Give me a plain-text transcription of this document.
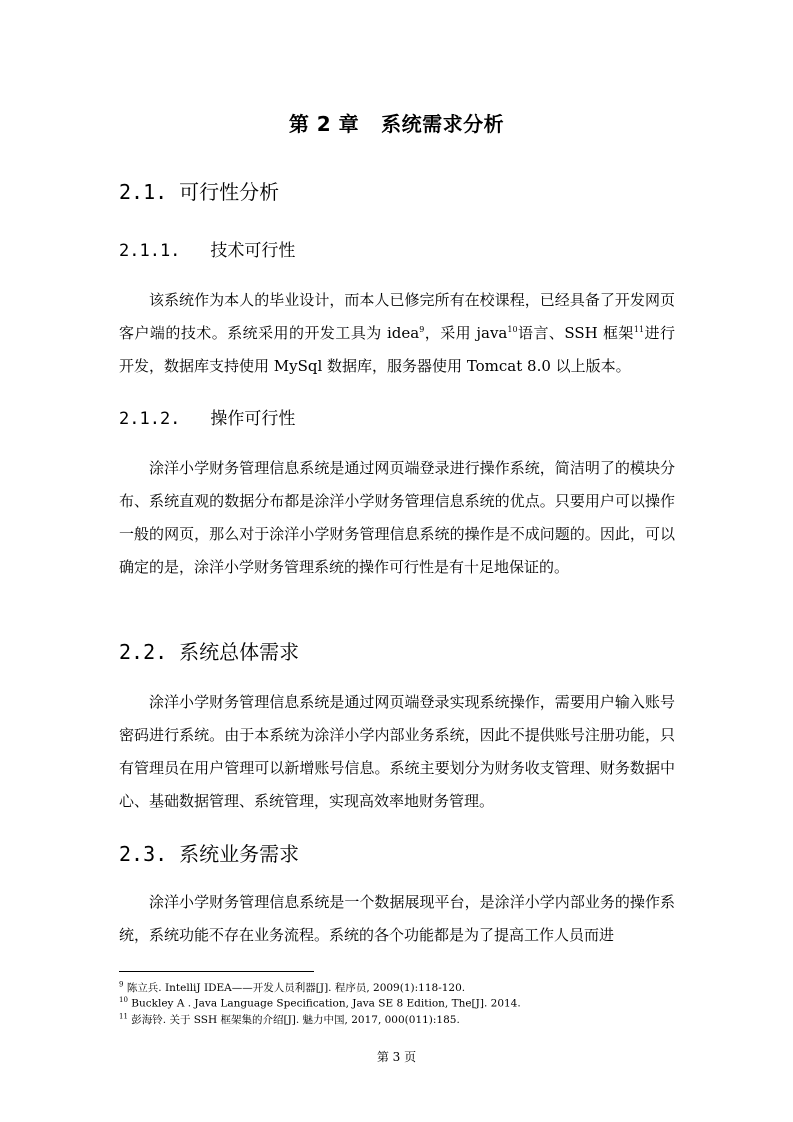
第 2 章 系统需求分析
2.1. 可行性分析
2.1.1. 技术可行性
该系统作为本人的毕业设计，而本人已修完所有在校课程，已经具备了开发网页客户端的技术。系统采用的开发工具为 idea$^9$，采用 java$^{10}$语言、SSH 框架$^{11}$进行开发，数据库支持使用 MySql 数据库，服务器使用 Tomcat 8.0 以上版本。
2.1.2. 操作可行性
涂洋小学财务管理信息系统是通过网页端登录进行操作系统，简洁明了的模块分布、系统直观的数据分布都是涂洋小学财务管理信息系统的优点。只要用户可以操作一般的网页，那么对于涂洋小学财务管理信息系统的操作是不成问题的。因此，可以确定的是，涂洋小学财务管理系统的操作可行性是有十足地保证的。
2.2. 系统总体需求
涂洋小学财务管理信息系统是通过网页端登录实现系统操作，需要用户输入账号密码进行系统。由于本系统为涂洋小学内部业务系统，因此不提供账号注册功能，只有管理员在用户管理可以新增账号信息。系统主要划分为财务收支管理、财务数据中心、基础数据管理、系统管理，实现高效率地财务管理。
2.3. 系统业务需求
涂洋小学财务管理信息系统是一个数据展现平台，是涂洋小学内部业务的操作系统，系统功能不存在业务流程。系统的各个功能都是为了提高工作人员而进
$^9$ 陈立兵. IntelliJ IDEA——开发人员利器[J]. 程序员, 2009(1):118-120.
$^{10}$ Buckley A . Java Language Specification, Java SE 8 Edition, The[J]. 2014.
$^{11}$ 彭海铃. 关于 SSH 框架集的介绍[J]. 魅力中国, 2017, 000(011):185.
第 3 页
